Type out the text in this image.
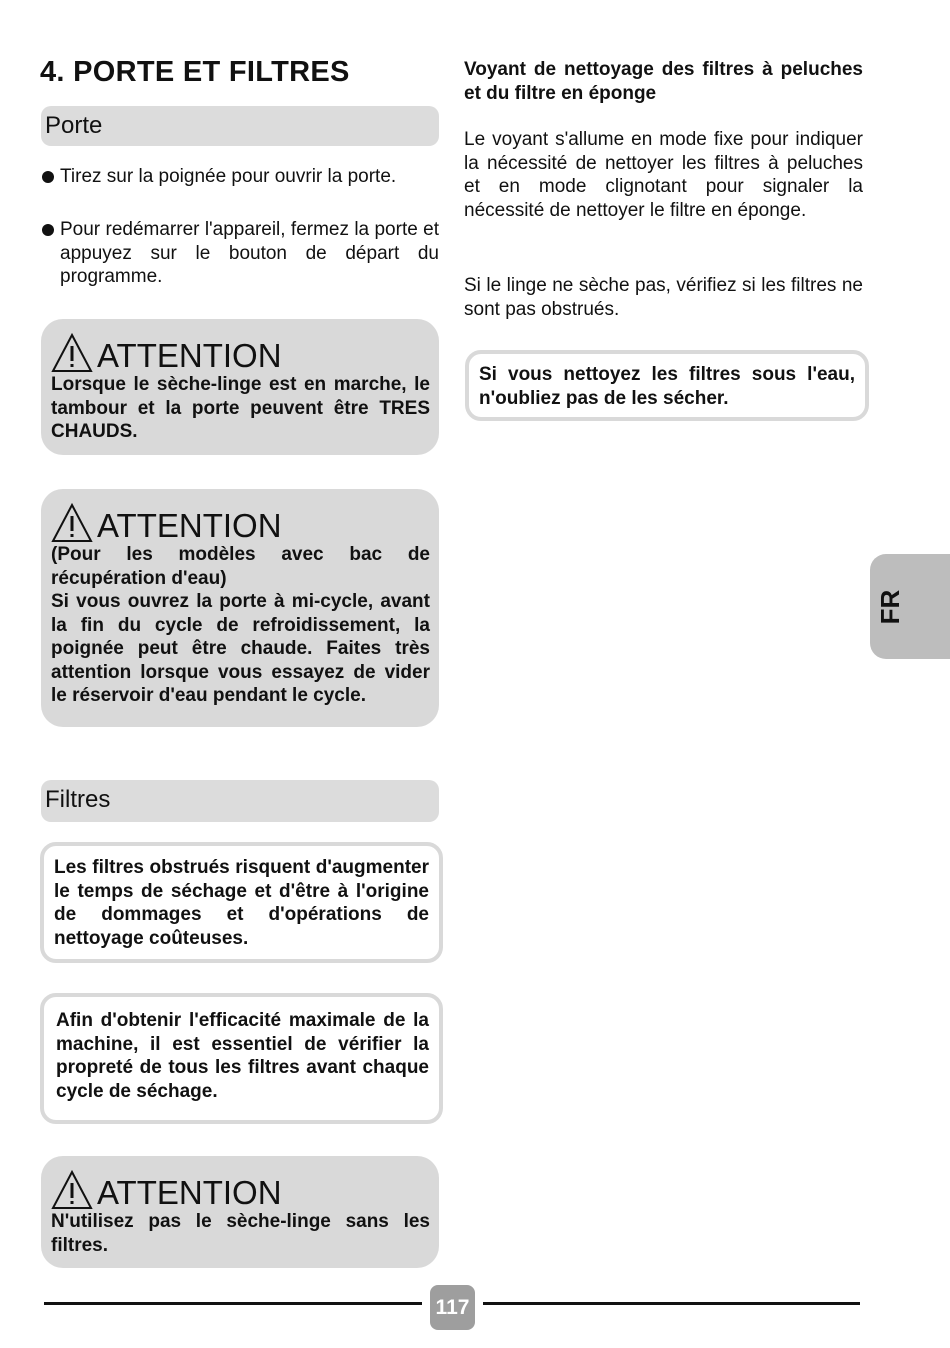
4. PORTE ET FILTRES
Porte
Tirez sur la poignée pour ouvrir la porte.
Pour redémarrer l'appareil, fermez la porte et appuyez sur le bouton de départ du programme.
ATTENTION
Lorsque le sèche-linge est en marche, le tambour et la porte peuvent être TRES CHAUDS.
ATTENTION
(Pour les modèles avec bac de récupération d'eau)
Si vous ouvrez la porte à mi-cycle, avant la fin du cycle de refroidissement, la poignée peut être chaude. Faites très attention lorsque vous essayez de vider le réservoir d'eau pendant le cycle.
Filtres
Les filtres obstrués risquent d'augmenter le temps de séchage et d'être à l'origine de dommages et d'opérations de nettoyage coûteuses.
Afin d'obtenir l'efficacité maximale de la machine, il est essentiel de vérifier la propreté de tous les filtres avant chaque cycle de séchage.
ATTENTION
N'utilisez pas le sèche-linge sans les filtres.
Voyant de nettoyage des filtres à peluches et du filtre en éponge
Le voyant s'allume en mode fixe pour indiquer la nécessité de nettoyer les filtres à peluches et en mode clignotant pour signaler la nécessité de nettoyer le filtre en éponge.
Si le linge ne sèche pas, vérifiez si les filtres ne sont pas obstrués.
Si vous nettoyez les filtres sous l'eau, n'oubliez pas de les sécher.
FR
117
